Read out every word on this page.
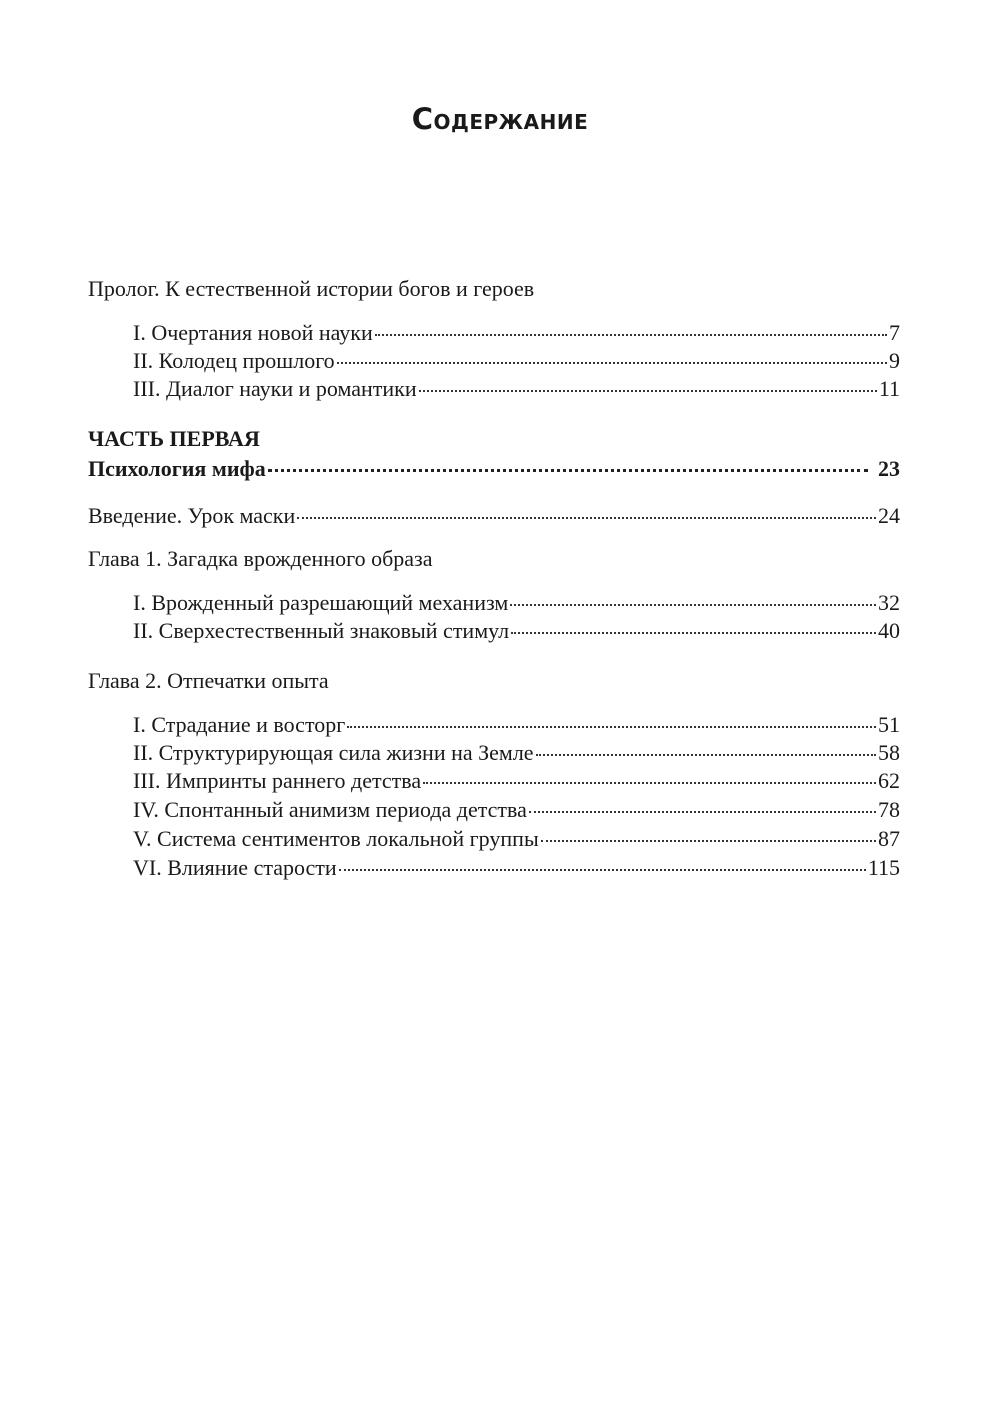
Содержание
Пролог. К естественной истории богов и героев
I. Очертания новой науки	7
II. Колодец прошлого	9
III. Диалог науки и романтики	11
ЧАСТЬ ПЕРВАЯ
Психология мифа	23
Введение. Урок маски	24
Глава 1. Загадка врожденного образа
I. Врожденный разрешающий механизм	32
II. Сверхестественный знаковый стимул	40
Глава 2. Отпечатки опыта
I. Страдание и восторг	51
II. Структурирующая сила жизни на Земле	58
III. Импринты раннего детства	62
IV. Спонтанный анимизм периода детства	78
V. Система сентиментов локальной группы	87
VI. Влияние старости	115
